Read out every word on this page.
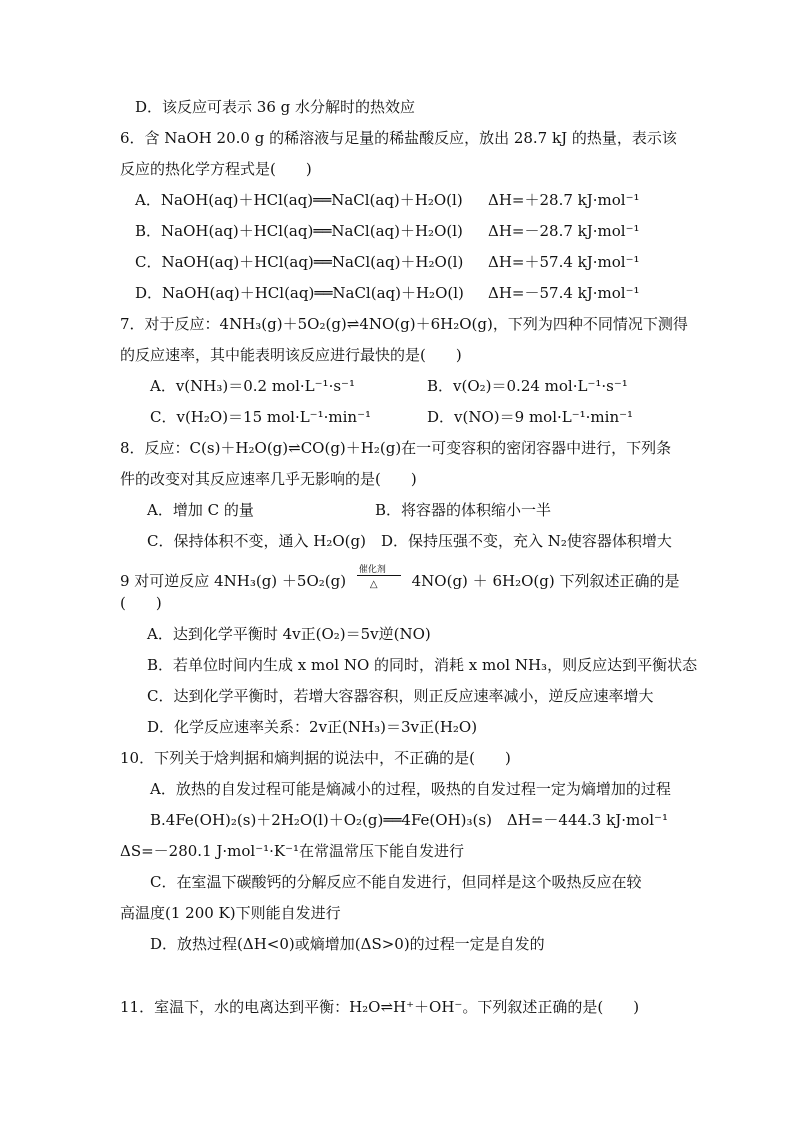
D．该反应可表示 36 g 水分解时的热效应
6．含 NaOH 20.0 g 的稀溶液与足量的稀盐酸反应，放出 28.7 kJ 的热量，表示该
反应的热化学方程式是(　　)
A．NaOH(aq)＋HCl(aq)══NaCl(aq)＋H₂O(l) ΔH=＋28.7 kJ·mol⁻¹
B．NaOH(aq)＋HCl(aq)══NaCl(aq)＋H₂O(l) ΔH=－28.7 kJ·mol⁻¹
C．NaOH(aq)＋HCl(aq)══NaCl(aq)＋H₂O(l) ΔH=＋57.4 kJ·mol⁻¹
D．NaOH(aq)＋HCl(aq)══NaCl(aq)＋H₂O(l) ΔH=－57.4 kJ·mol⁻¹
7．对于反应：4NH₃(g)＋5O₂(g)⇌4NO(g)＋6H₂O(g)，下列为四种不同情况下测得
的反应速率，其中能表明该反应进行最快的是(　　)
A．v(NH₃)＝0.2 mol·L⁻¹·s⁻¹	B．v(O₂)＝0.24 mol·L⁻¹·s⁻¹
C．v(H₂O)＝15 mol·L⁻¹·min⁻¹	D．v(NO)＝9 mol·L⁻¹·min⁻¹
8．反应：C(s)＋H₂O(g)⇌CO(g)＋H₂(g)在一可变容积的密闭容器中进行，下列条
件的改变对其反应速率几乎无影响的是(　　)
A．增加 C 的量	B．将容器的体积缩小一半
C．保持体积不变，通入 H₂O(g)　D．保持压强不变，充入 N₂使容器体积增大
9 对可逆反应 4NH₃(g) ＋5O₂(g)
催化剂
△ 4NO(g) ＋ 6H₂O(g) 下列叙述正确的是
(　　)
A．达到化学平衡时 4v正(O₂)＝5v逆(NO)
B．若单位时间内生成 x mol NO 的同时，消耗 x mol NH₃，则反应达到平衡状态
C．达到化学平衡时，若增大容器容积，则正反应速率减小，逆反应速率增大
D．化学反应速率关系：2v正(NH₃)＝3v正(H₂O)
10．下列关于焓判据和熵判据的说法中，不正确的是(　　)
A．放热的自发过程可能是熵减小的过程，吸热的自发过程一定为熵增加的过程
B.4Fe(OH)₂(s)＋2H₂O(l)＋O₂(g)══4Fe(OH)₃(s)　ΔH=－444.3 kJ·mol⁻¹
ΔS=－280.1 J·mol⁻¹·K⁻¹在常温常压下能自发进行
C．在室温下碳酸钙的分解反应不能自发进行，但同样是这个吸热反应在较
高温度(1 200 K)下则能自发进行
D．放热过程(ΔH<0)或熵增加(ΔS>0)的过程一定是自发的
11．室温下，水的电离达到平衡：H₂O⇌H⁺＋OH⁻。下列叙述正确的是(　　)
